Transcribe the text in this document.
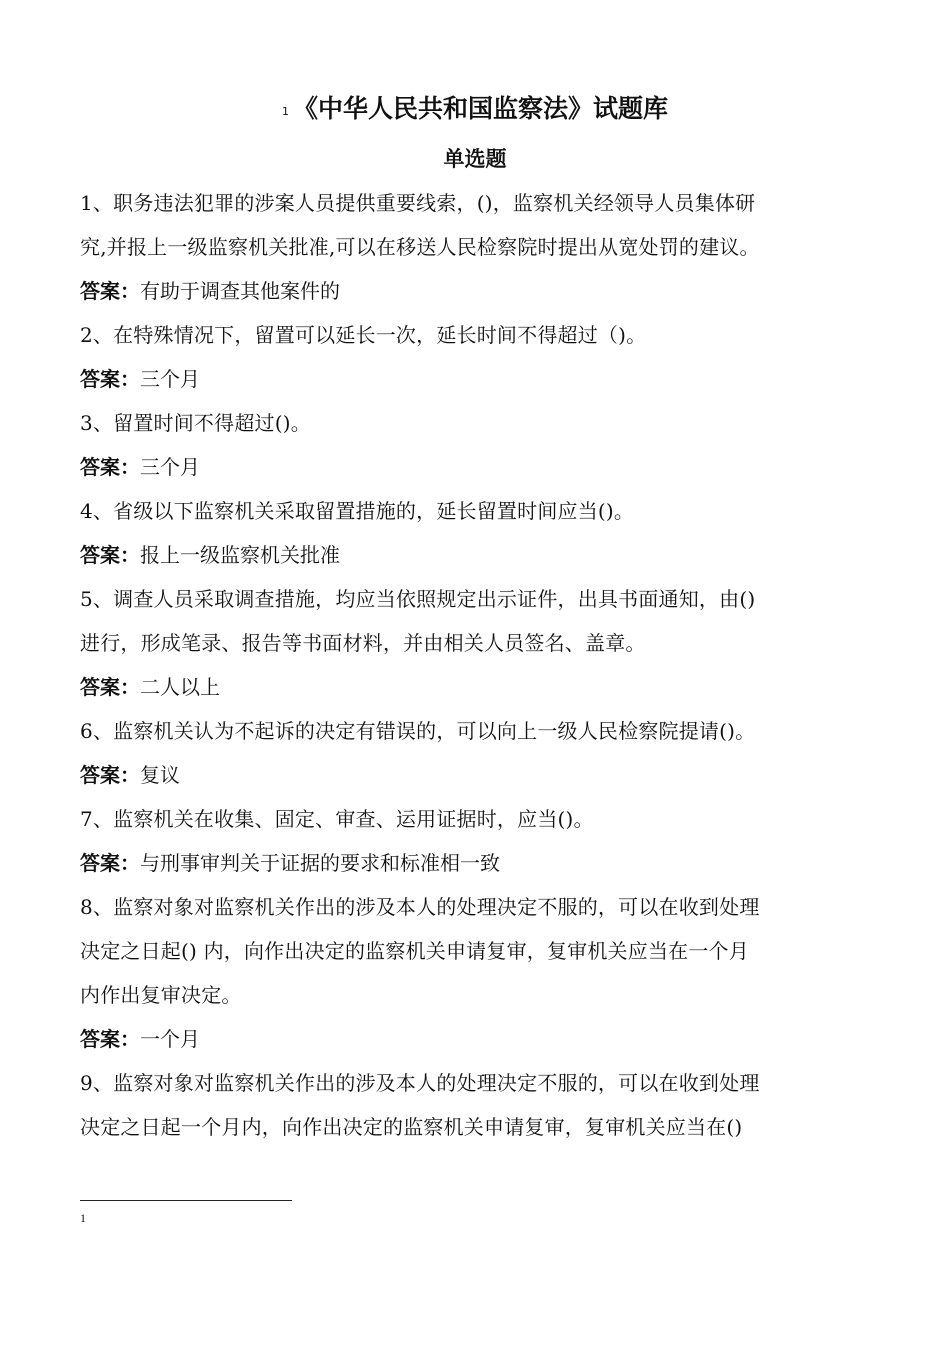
$^1$ 《中华人民共和国监察法》试题库
单选题

1、职务违法犯罪的涉案人员提供重要线索，()，监察机关经领导人员集体研

究,并报上一级监察机关批准,可以在移送人民检察院时提出从宽处罚的建议。

答案：有助于调查其他案件的

2、在特殊情况下，留置可以延长一次，延长时间不得超过（)。

答案：三个月

3、留置时间不得超过()。

答案：三个月

4、省级以下监察机关采取留置措施的，延长留置时间应当()。

答案：报上一级监察机关批准

5、调查人员采取调查措施，均应当依照规定出示证件，出具书面通知，由()

进行，形成笔录、报告等书面材料，并由相关人员签名、盖章。

答案：二人以上

6、监察机关认为不起诉的决定有错误的，可以向上一级人民检察院提请()。

答案：复议

7、监察机关在收集、固定、审查、运用证据时，应当()。

答案：与刑事审判关于证据的要求和标准相一致

8、监察对象对监察机关作出的涉及本人的处理决定不服的，可以在收到处理

决定之日起() 内，向作出决定的监察机关申请复审，复审机关应当在一个月

内作出复审决定。

答案：一个月

9、监察对象对监察机关作出的涉及本人的处理决定不服的，可以在收到处理

决定之日起一个月内，向作出决定的监察机关申请复审，复审机关应当在()

1
